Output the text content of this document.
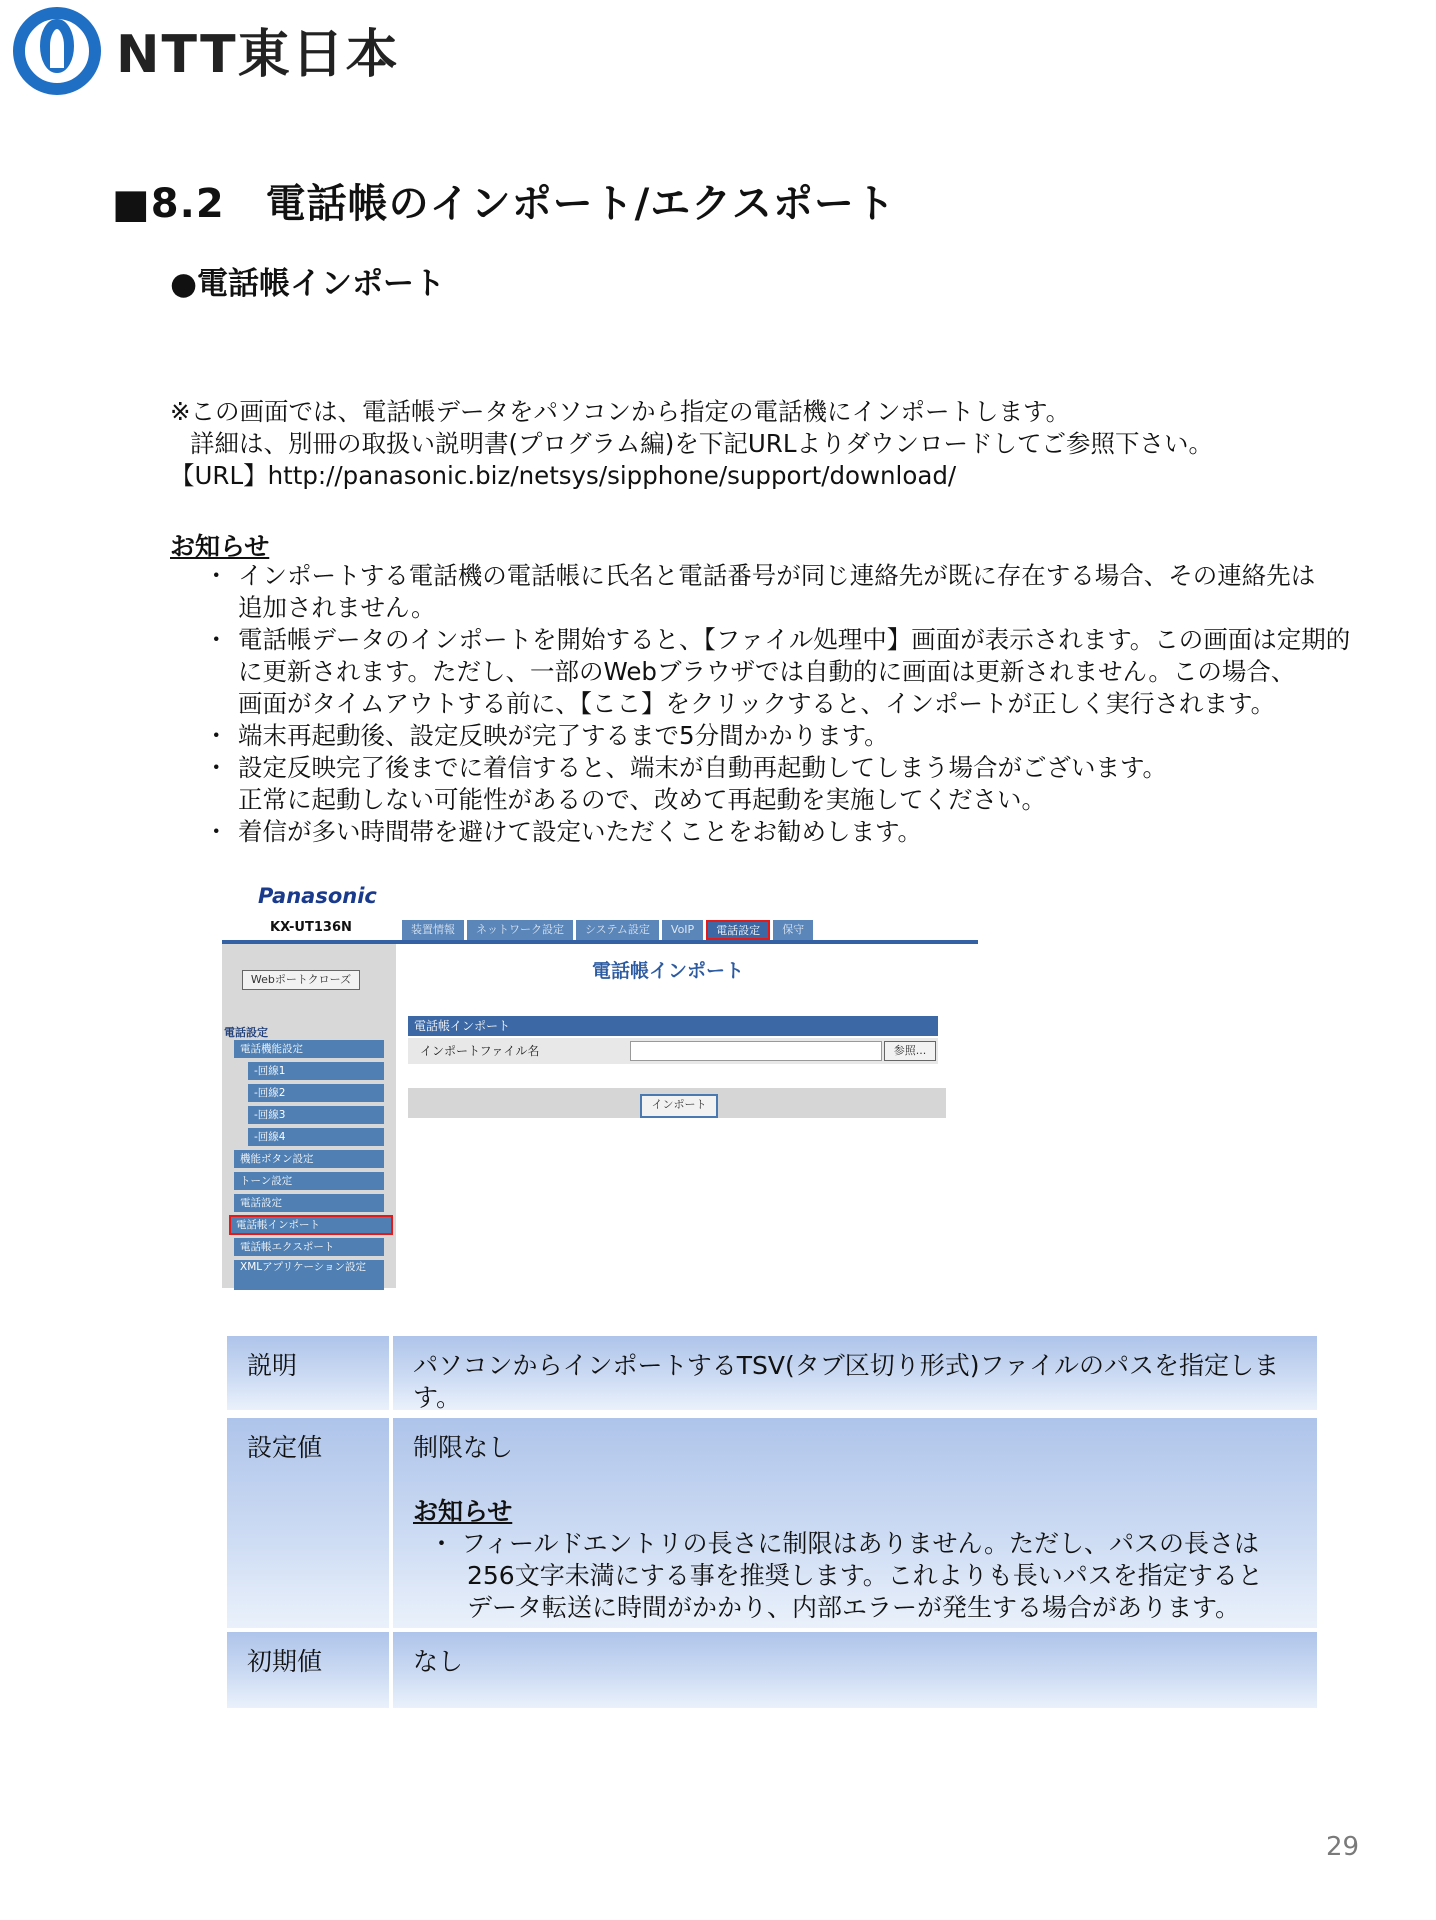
NTT東日本
■8.2　電話帳のインポート/エクスポート
●電話帳インポート
※この画面では、電話帳データをパソコンから指定の電話機にインポートします。
詳細は、別冊の取扱い説明書(プログラム編)を下記URLよりダウンロードしてご参照下さい。
【URL】http://panasonic.biz/netsys/sipphone/support/download/
お知らせ
・ インポートする電話機の電話帳に氏名と電話番号が同じ連絡先が既に存在する場合、その連絡先は
追加されません。
・ 電話帳データのインポートを開始すると、【ファイル処理中】画面が表示されます。この画面は定期的
に更新されます。ただし、一部のWebブラウザでは自動的に画面は更新されません。この場合、
画面がタイムアウトする前に、【ここ】をクリックすると、インポートが正しく実行されます。
・ 端末再起動後、設定反映が完了するまで5分間かかります。
・ 設定反映完了後までに着信すると、端末が自動再起動してしまう場合がございます。
正常に起動しない可能性があるので、改めて再起動を実施してください。
・ 着信が多い時間帯を避けて設定いただくことをお勧めします。
Panasonic
KX-UT136N	装置情報	ネットワーク設定	システム設定	VoIP	電話設定	保守
Webポートクローズ
電話設定
電話機能設定
-回線1
-回線2
-回線3
-回線4
機能ボタン設定
トーン設定
電話設定
電話帳インポート
電話帳エクスポート
XMLアプリケーション設定
電話帳インポート
電話帳インポート
インポートファイル名	参照...
インポート
説明	パソコンからインポートするTSV(タブ区切り形式)ファイルのパスを指定します。
設定値	制限なし
お知らせ
・ フィールドエントリの長さに制限はありません。ただし、パスの長さは
256文字未満にする事を推奨します。これよりも長いパスを指定すると
データ転送に時間がかかり、内部エラーが発生する場合があります。
初期値	なし
29
